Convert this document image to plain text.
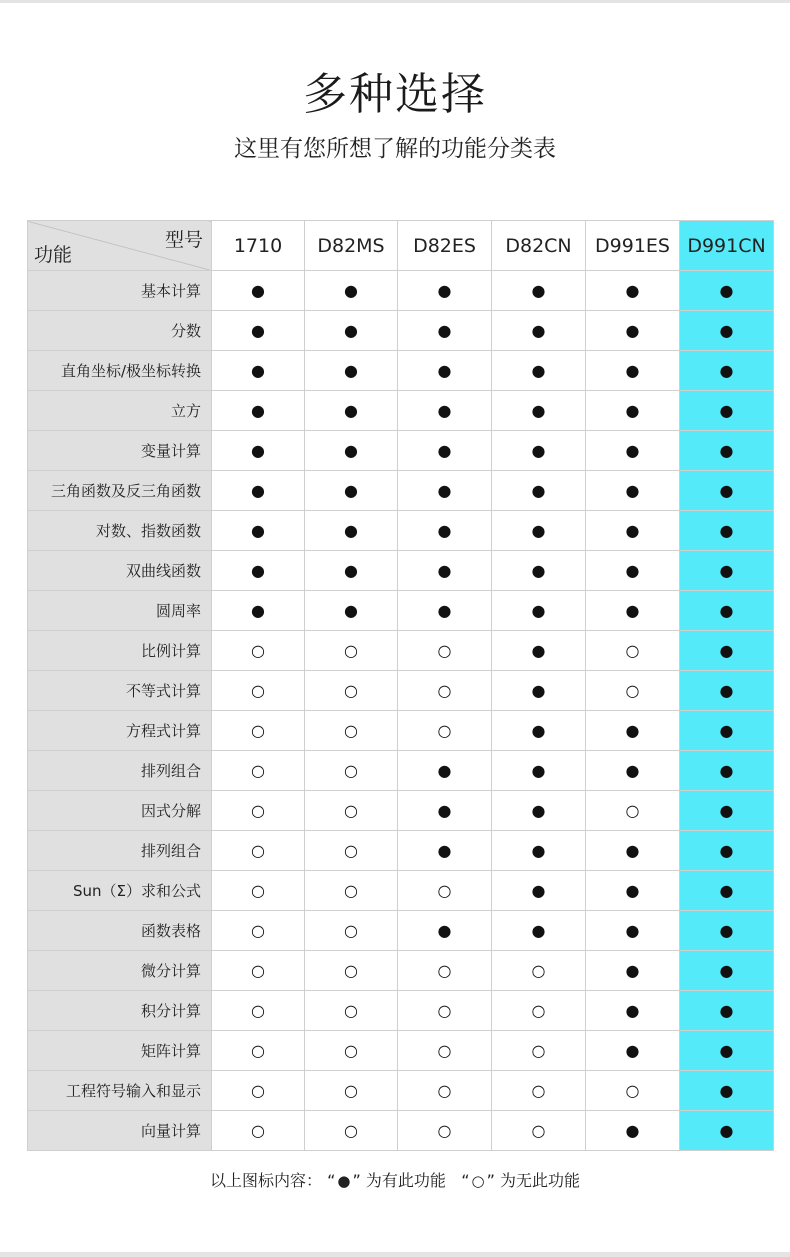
多种选择
这里有您所想了解的功能分类表
型号
功能	1710	D82MS	D82ES	D82CN	D991ES	D991CN
基本计算	●	●	●	●	●	●
分数	●	●	●	●	●	●
直角坐标/极坐标转换	●	●	●	●	●	●
立方	●	●	●	●	●	●
变量计算	●	●	●	●	●	●
三角函数及反三角函数	●	●	●	●	●	●
对数、指数函数	●	●	●	●	●	●
双曲线函数	●	●	●	●	●	●
圆周率	●	●	●	●	●	●
比例计算	○	○	○	●	○	●
不等式计算	○	○	○	●	○	●
方程式计算	○	○	○	●	●	●
排列组合	○	○	●	●	●	●
因式分解	○	○	●	●	○	●
排列组合	○	○	●	●	●	●
Sun（Σ）求和公式	○	○	○	●	●	●
函数表格	○	○	●	●	●	●
微分计算	○	○	○	○	●	●
积分计算	○	○	○	○	●	●
矩阵计算	○	○	○	○	●	●
工程符号输入和显示	○	○	○	○	○	●
向量计算	○	○	○	○	●	●
以上图标内容： “ ● ” 为有此功能 “ ○ ” 为无此功能
